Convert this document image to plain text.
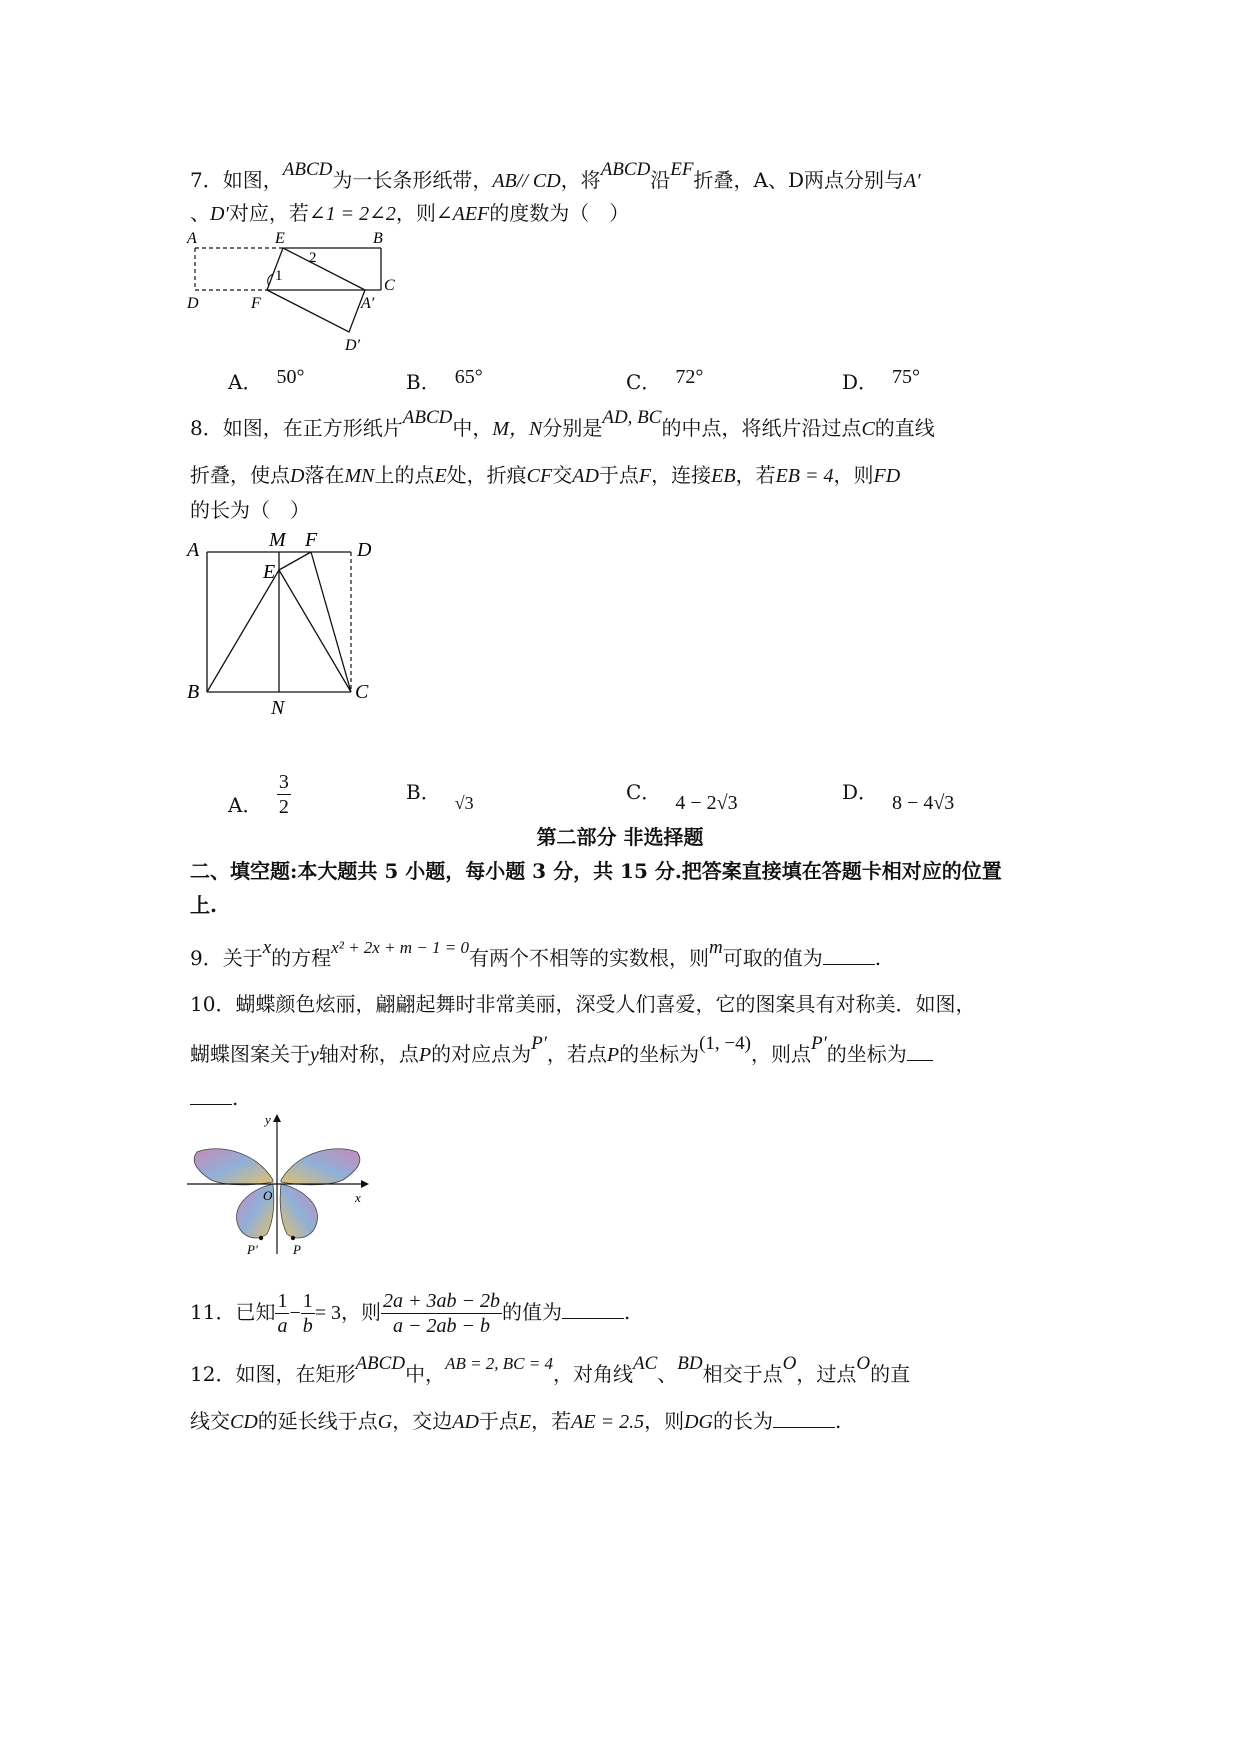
7．如图，ABCD为一长条形纸带，AB// CD，将ABCD沿EF折叠，A、D两点分别与A′
、D′对应，若∠1 = 2∠2，则∠AEF的度数为（　）
A	E
2
B
1
C
D	F	A′
D′
A． 50°	B． 65°	C． 72°	D． 75°
8．如图，在正方形纸片ABCD中，M，N分别是AD, BC的中点，将纸片沿过点C的直线
折叠，使点D落在MN上的点E处，折痕CF交AD于点F，连接EB，若EB = 4，则FD
的长为（　）
A	M F D
E
B
N
C
A． $\frac{3}{2}$	B． √3	C． 4 − 2√3	D． 8 − 4√3
第二部分 非选择题
二、填空题:本大题共 5 小题，每小题 3 分，共 15 分.把答案直接填在答题卡相对应的位置
上.
9．关于x的方程$^{x^2 + 2x + m - 1 = 0}$有两个不相等的实数根，则m可取的值为	.
10．蝴蝶颜色炫丽，翩翩起舞时非常美丽，深受人们喜爱，它的图案具有对称美．如图，
蝴蝶图案关于y轴对称，点P的对应点为P′，若点P的坐标为(1, −4)，则点P′的坐标为
.
y
x
O
P′	P
11．已知 $\frac{1}{a} - \frac{1}{b} = 3$，则 $\frac{2a + 3ab - 2b}{a - 2ab - b}$ 的值为	.
12．如图，在矩形ABCD中，$^{AB = 2, BC = 4}$，对角线AC、BD相交于点O，过点O的直
线交CD的延长线于点G，交边AD于点E，若AE = 2.5，则DG的长为	.
